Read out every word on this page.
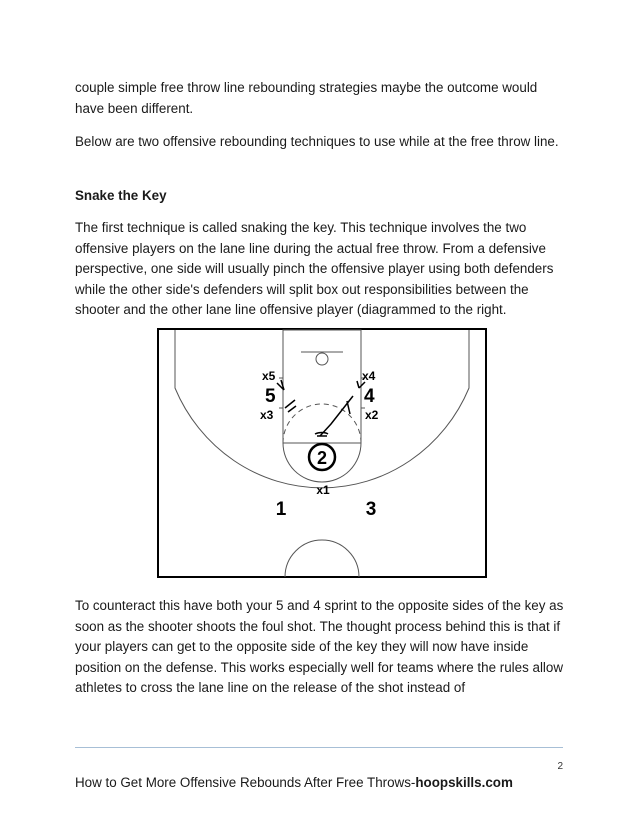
couple simple free throw line rebounding strategies maybe the outcome would have been different.

Below are two offensive rebounding techniques to use while at the free throw line.

Snake the Key

The first technique is called snaking the key. This technique involves the two offensive players on the lane line during the actual free throw. From a defensive perspective, one side will usually pinch the offensive player using both defenders while the other side's defenders will split box out responsibilities between the shooter and the other lane line offensive player (diagrammed to the right.

x5
5
x3
x4
4
x2
2
x1
1	3

To counteract this have both your 5 and 4 sprint to the opposite sides of the key as soon as the shooter shoots the foul shot. The thought process behind this is that if your players can get to the opposite side of the key they will now have inside position on the defense. This works especially well for teams where the rules allow athletes to cross the lane line on the release of the shot instead of

2
How to Get More Offensive Rebounds After Free Throws-hoopskills.com
